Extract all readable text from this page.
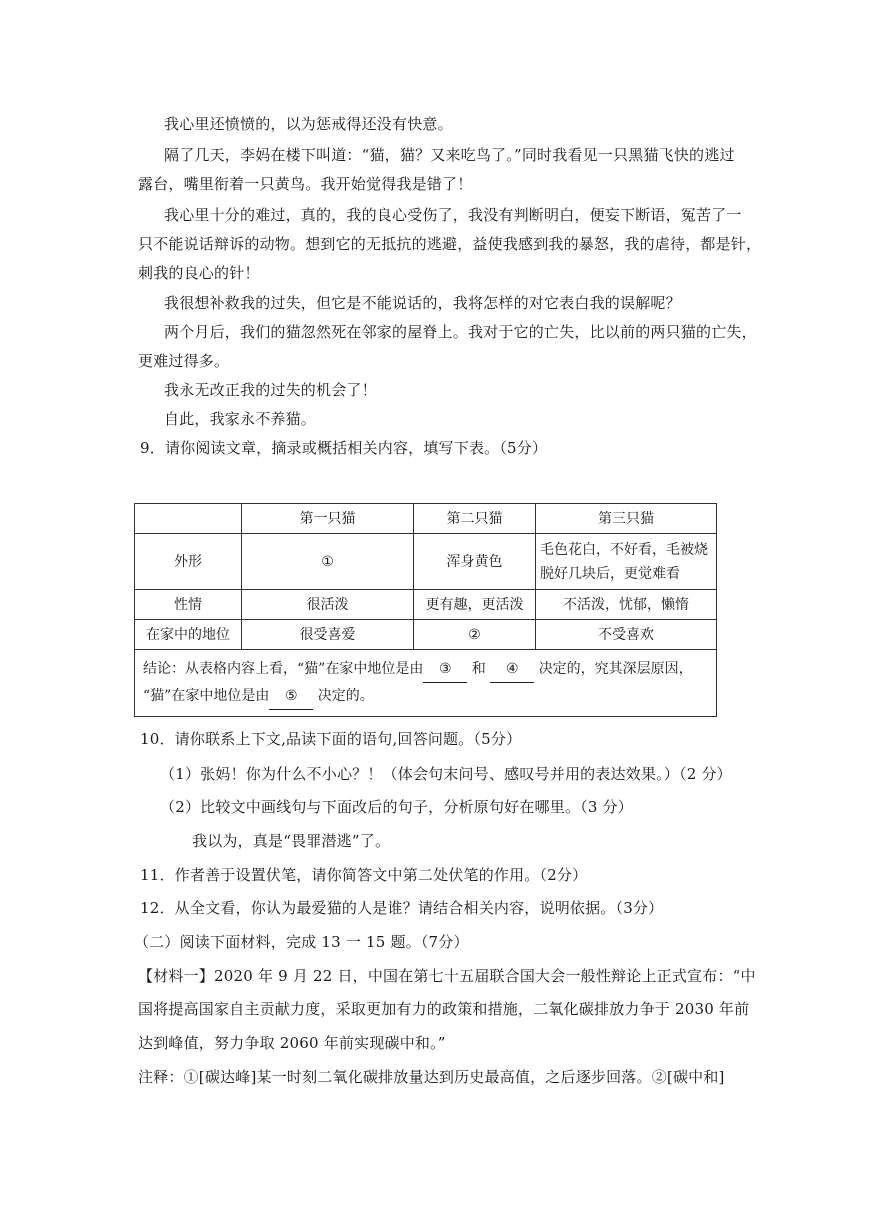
我心里还愤愤的，以为惩戒得还没有快意。
隔了几天，李妈在楼下叫道：“猫，猫？又来吃鸟了。”同时我看见一只黑猫飞快的逃过
露台，嘴里衔着一只黄鸟。我开始觉得我是错了！
我心里十分的难过，真的，我的良心受伤了，我没有判断明白，便妄下断语，冤苦了一
只不能说话辩诉的动物。想到它的无抵抗的逃避，益使我感到我的暴怒，我的虐待，都是针，
刺我的良心的针！
我很想补救我的过失，但它是不能说话的，我将怎样的对它表白我的误解呢？
两个月后，我们的猫忽然死在邻家的屋脊上。我对于它的亡失，比以前的两只猫的亡失，
更难过得多。
我永无改正我的过失的机会了！
自此，我家永不养猫。
9．请你阅读文章，摘录或概括相关内容，填写下表。（5分）
	第一只猫	第二只猫	第三只猫
外形	①	浑身黄色	毛色花白，不好看，毛被烧脱好几块后，更觉难看
性情	很活泼	更有趣，更活泼	不活泼，忧郁，懒惰
在家中的地位	很受喜爱	②	不受喜欢
结论：从表格内容上看，“猫”在家中地位是由 ③ 和 ④ 决定的，究其深层原因，
“猫”在家中地位是由 ⑤ 决定的。			
10．请你联系上下文,品读下面的语句,回答问题。（5分）
（1）张妈！你为什么不小心？！（体会句末问号、感叹号并用的表达效果。）（2 分）
（2）比较文中画线句与下面改后的句子，分析原句好在哪里。（3 分）
我以为，真是“畏罪潜逃”了。
11．作者善于设置伏笔，请你简答文中第二处伏笔的作用。（2分）
12．从全文看，你认为最爱猫的人是谁？请结合相关内容，说明依据。（3分）
（二）阅读下面材料，完成 13 一 15 题。（7分）
【材料一】2020 年 9 月 22 日，中国在第七十五届联合国大会一般性辩论上正式宣布：“中
国将提高国家自主贡献力度，采取更加有力的政策和措施，二氧化碳排放力争于 2030 年前
达到峰值，努力争取 2060 年前实现碳中和。”
注释：①[碳达峰]某一时刻二氧化碳排放量达到历史最高值，之后逐步回落。②[碳中和]
